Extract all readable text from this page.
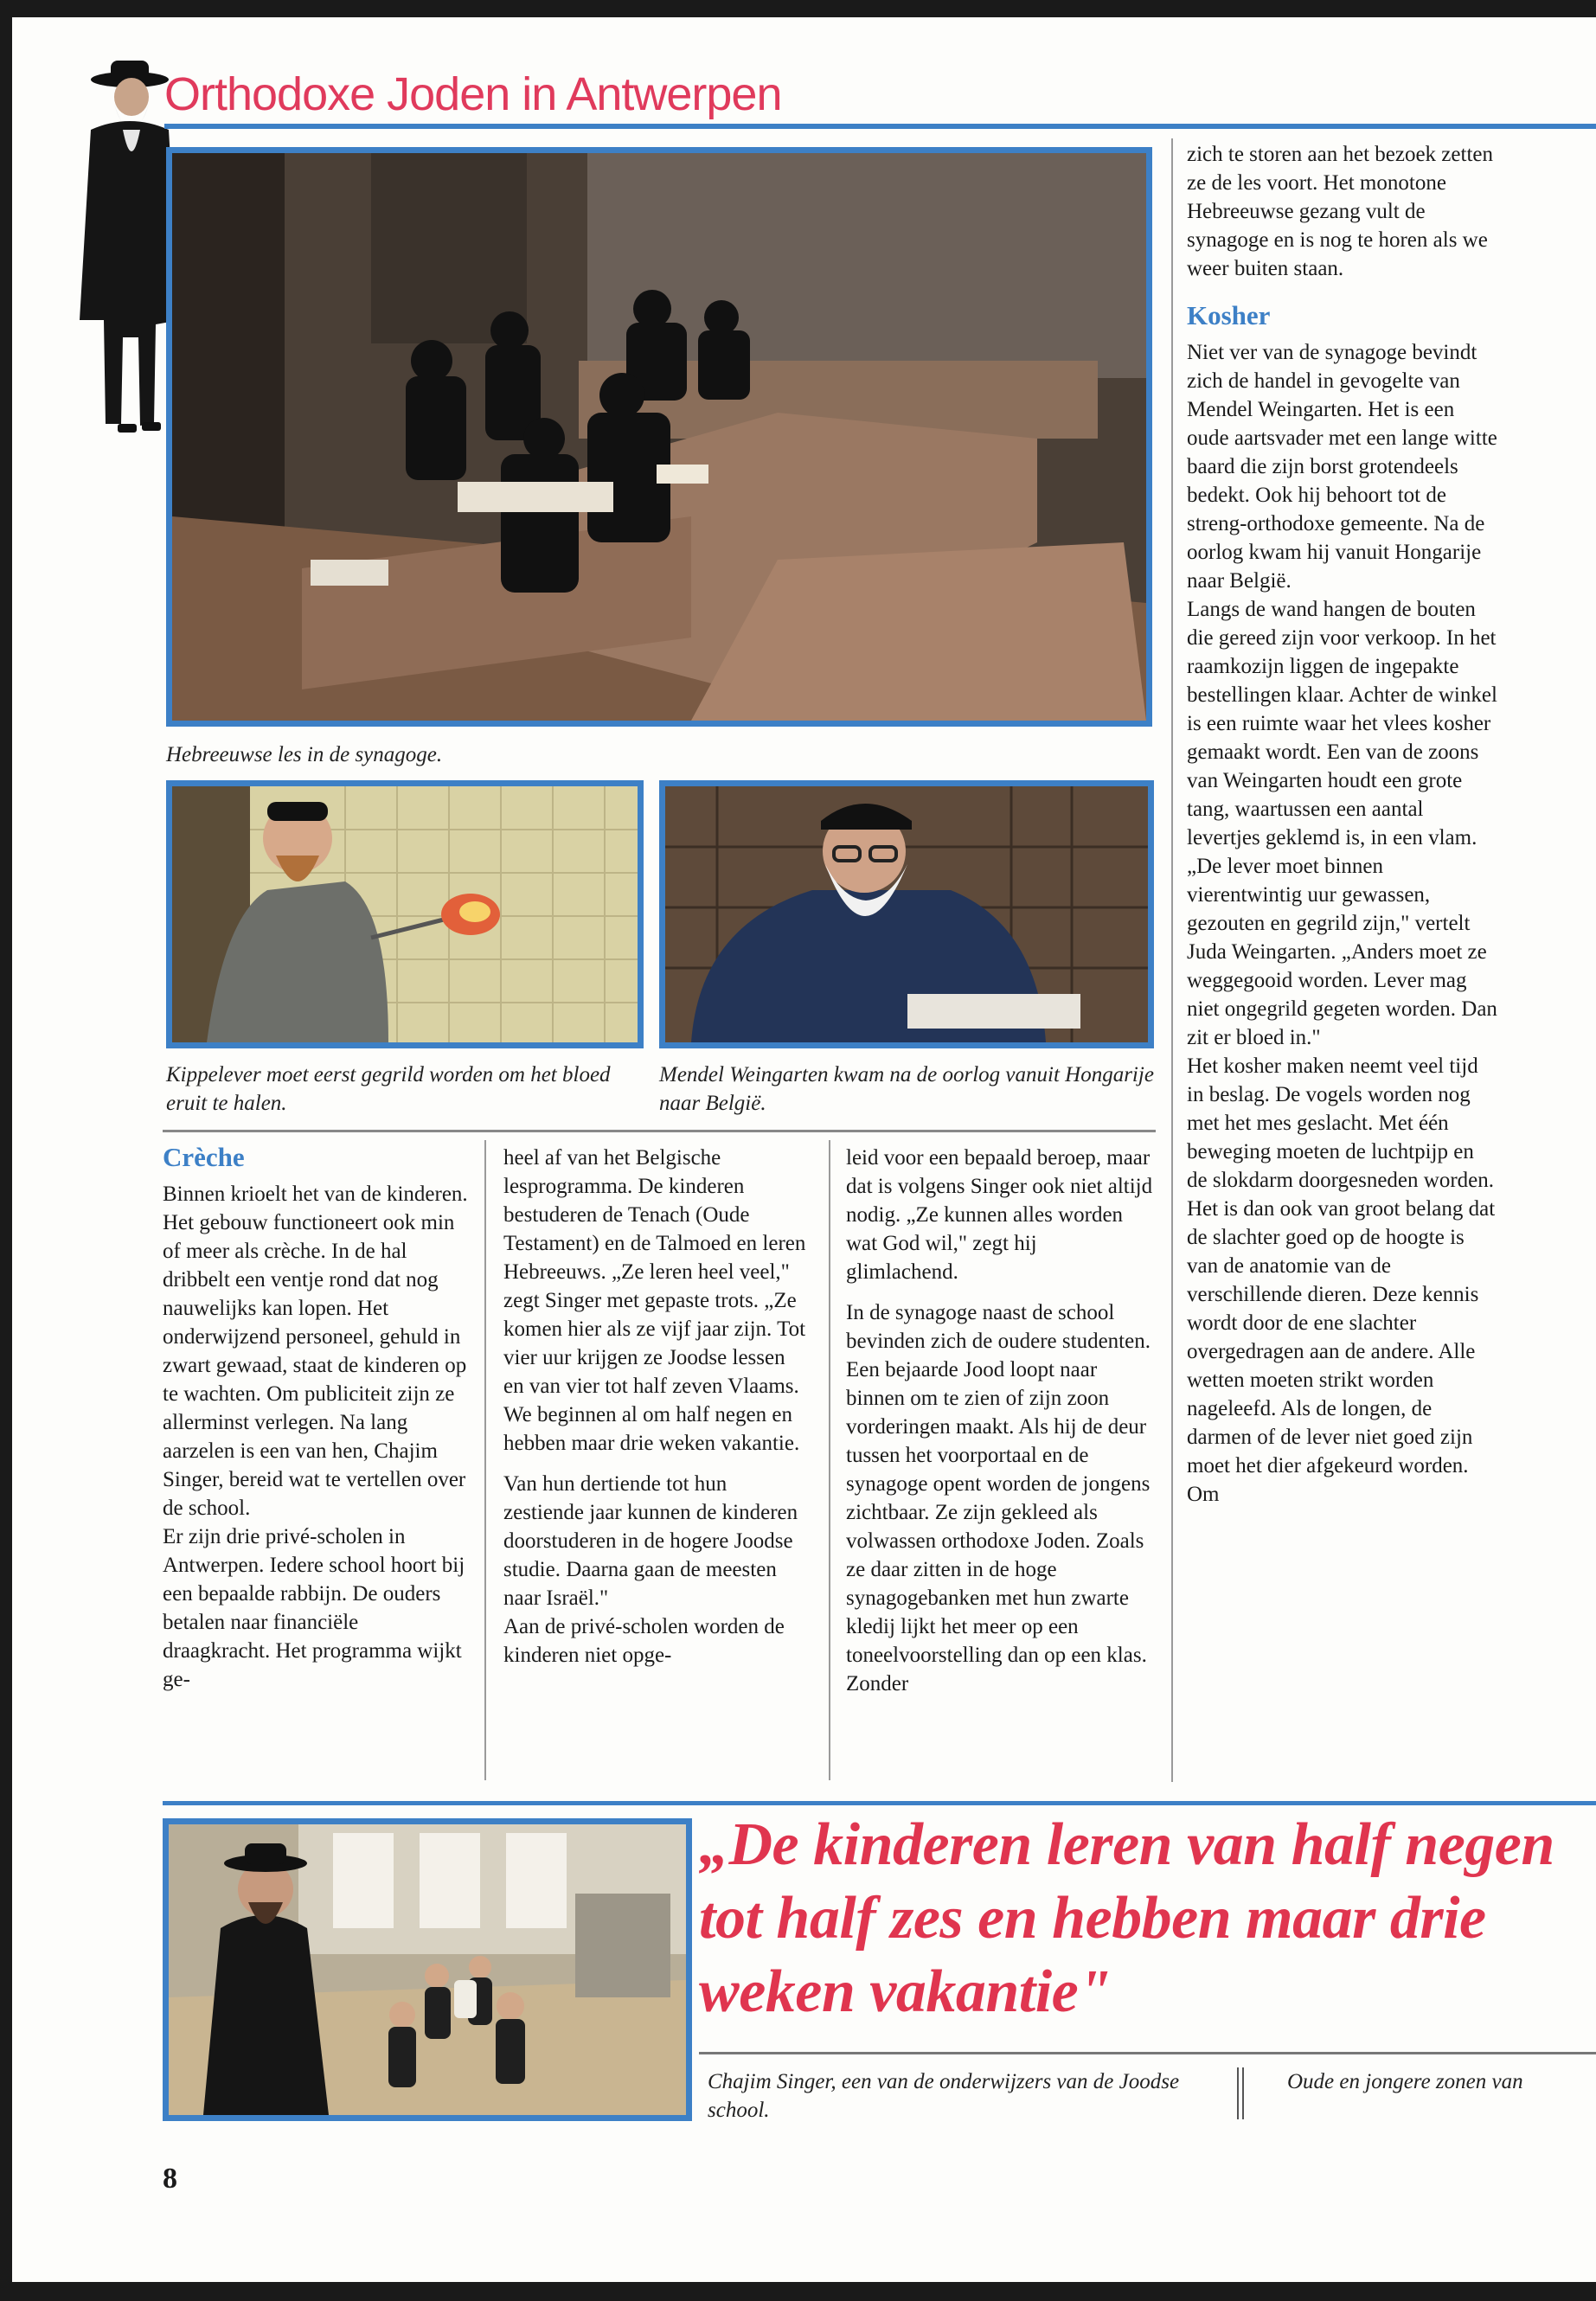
Orthodoxe Joden in Antwerpen
Hebreeuwse les in de synagoge.
Kippelever moet eerst gegrild worden om het bloed eruit te halen.
Mendel Weingarten kwam na de oorlog vanuit Hongarije naar België.
Crèche

Binnen krioelt het van de kinderen. Het gebouw functioneert ook min of meer als crèche. In de hal dribbelt een ventje rond dat nog nauwelijks kan lopen. Het onderwijzend personeel, gehuld in zwart gewaad, staat de kinderen op te wachten. Om publiciteit zijn ze allerminst verlegen. Na lang aarzelen is een van hen, Chajim Singer, bereid wat te vertellen over de school.

Er zijn drie privé-scholen in Antwerpen. Iedere school hoort bij een bepaalde rabbijn. De ouders betalen naar financiële draagkracht. Het programma wijkt ge-

heel af van het Belgische lesprogramma. De kinderen bestuderen de Tenach (Oude Testament) en de Talmoed en leren Hebreeuws. „Ze leren heel veel," zegt Singer met gepaste trots. „Ze komen hier als ze vijf jaar zijn. Tot vier uur krijgen ze Joodse lessen en van vier tot half zeven Vlaams. We beginnen al om half negen en hebben maar drie weken vakantie.

Van hun dertiende tot hun zestiende jaar kunnen de kinderen doorstuderen in de hogere Joodse studie. Daarna gaan de meesten naar Israël."

Aan de privé-scholen worden de kinderen niet opge-

leid voor een bepaald beroep, maar dat is volgens Singer ook niet altijd nodig. „Ze kunnen alles worden wat God wil," zegt hij glimlachend.

In de synagoge naast de school bevinden zich de oudere studenten. Een bejaarde Jood loopt naar binnen om te zien of zijn zoon vorderingen maakt. Als hij de deur tussen het voorportaal en de synagoge opent worden de jongens zichtbaar. Ze zijn gekleed als volwassen orthodoxe Joden. Zoals ze daar zitten in de hoge synagogebanken met hun zwarte kledij lijkt het meer op een toneelvoorstelling dan op een klas. Zonder

zich te storen aan het bezoek zetten ze de les voort. Het monotone Hebreeuwse gezang vult de synagoge en is nog te horen als we weer buiten staan.

Kosher

Niet ver van de synagoge bevindt zich de handel in gevogelte van Mendel Weingarten. Het is een oude aartsvader met een lange witte baard die zijn borst grotendeels bedekt. Ook hij behoort tot de streng-orthodoxe gemeente. Na de oorlog kwam hij vanuit Hongarije naar België.

Langs de wand hangen de bouten die gereed zijn voor verkoop. In het raamkozijn liggen de ingepakte bestellingen klaar. Achter de winkel is een ruimte waar het vlees kosher gemaakt wordt. Een van de zoons van Weingarten houdt een grote tang, waartussen een aantal levertjes geklemd is, in een vlam. „De lever moet binnen vierentwintig uur gewassen, gezouten en gegrild zijn," vertelt Juda Weingarten. „Anders moet ze weggegooid worden. Lever mag niet ongegrild gegeten worden. Dan zit er bloed in."

Het kosher maken neemt veel tijd in beslag. De vogels worden nog met het mes geslacht. Met één beweging moeten de luchtpijp en de slokdarm doorgesneden worden. Het is dan ook van groot belang dat de slachter goed op de hoogte is van de anatomie van de verschillende dieren. Deze kennis wordt door de ene slachter overgedragen aan de andere. Alle wetten moeten strikt worden nageleefd. Als de longen, de darmen of de lever niet goed zijn moet het dier afgekeurd worden. Om

„De kinderen leren van half negen tot half zes en hebben maar drie weken vakantie"
Chajim Singer, een van de onderwijzers van de Joodse school.
Oude en jongere zonen van
8
